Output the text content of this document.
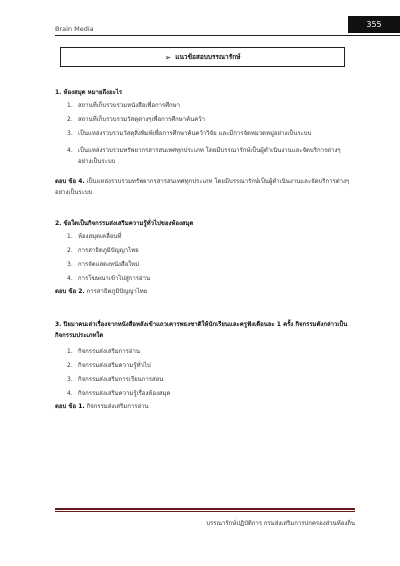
Brain Media	355
➢ แนวข้อสอบบรรณารักษ์
1. ห้องสมุด หมายถึงอะไร
1. สถานที่เก็บรวบรวมหนังสือเพื่อการศึกษา
2. สถานที่เก็บรวบรวมวัสดุต่างๆเพื่อการศึกษาค้นคว้า
3. เป็นแหล่งรวบรวมวัสดุสิ่งพิมพ์เพื่อการศึกษาค้นคว้าวิจัย และมีการจัดหมวดหมู่อย่างเป็นระบบ
4. เป็นแหล่งรวบรวมทรัพยากรสารสนเทศทุกประเภท โดยมีบรรณารักษ์เป็นผู้ดำเนินงานและจัดบริการต่างๆ อย่างเป็นระบบ
ตอบ ข้อ 4. เป็นแหล่งรวบรวมทรัพยากรสารสนเทศทุกประเภท โดยมีบรรณารักษ์เป็นผู้ดำเนินงานและจัดบริการต่างๆ อย่างเป็นระบบ
2. ข้อใดเป็นกิจกรรมส่งเสริมความรู้ทั่วไปของห้องสมุด
1. ห้องสมุดเคลื่อนที่
2. การสาธิตภูมิปัญญาไทย
3. การจัดแสดงหนังสือใหม่
4. การโฆษณาเข้าไปสู่การอ่าน
ตอบ ข้อ 2. การสาธิตภูมิปัญญาไทย
3. ปิยมาคนเล่าเรื่องจากหนังสือหลังเข้าแถวเคารพธงชาติให้นักเรียนและครูฟังเดือนละ 1 ครั้ง กิจกรรมดังกล่าวเป็นกิจกรรมประเภทใด
1. กิจกรรมส่งเสริมการอ่าน
2. กิจกรรมส่งเสริมความรู้ทั่วไป
3. กิจกรรมส่งเสริมการเรียนการสอน
4. กิจกรรมส่งเสริมความรู้เรื่องห้องสมุด
ตอบ ข้อ 1. กิจกรรมส่งเสริมการอ่าน
บรรณารักษ์ปฏิบัติการ กรมส่งเสริมการปกครองส่วนท้องถิ่น
